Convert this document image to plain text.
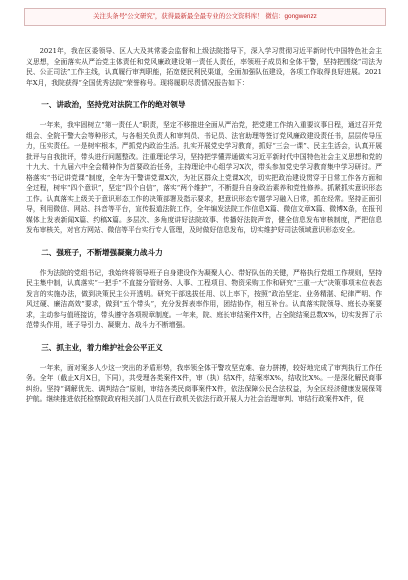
关注头条号“公文研究”，获得最新最全最专业的公文资料库！ 微信：gongwenzz

2021年，我在区委领导、区人大及其常委会监督和上级法院指导下，深入学习贯彻习近平新时代中国特色社会主义思想，全面落实从严治党主体责任和党风廉政建设第一责任人责任，率领班子成员和全体干警，坚持把围绕“司法为民、公正司法”工作主线，认真履行审判职能，拓宽便民利民渠道，全面加强队伍建设，各项工作取得良好进展。2021年X月，我院获得“全国优秀法院”荣誉称号。现将履职尽责情况报告如下：

一、讲政治，坚持党对法院工作的绝对领导

一年来，我牢固树立“第一责任人”职责，坚定不移推进全面从严治党，把党建工作纳入重要议事日程，通过召开党组会、全院干警大会等种形式，与各相关负责人和审判员、书记员、法官助理等签订党风廉政建设责任书，层层传导压力，压实责任。一是树牢根本，严抓党内政治生活。扎实开展党史学习教育，抓好“三会一课”、民主生活会，认真开展批评与自我批评，带头进行问题整改。注重理论学习，坚持把学懂弄通做实习近平新时代中国特色社会主义思想和党的十九大、十九届六中全会精神作为首要政治任务，主持理论中心组学习X次，带头参加党史学习教育集中学习研讨。严格落实“书记讲党课”制度，全年为干警讲党课X次，为社区群众上党课X次，切实把政治建设贯穿于日常工作各方面和全过程，树牢“四个意识”，坚定“四个自信”，落实“两个维护”，不断提升自身政治素养和党性修养。抓紧抓实意识形态工作。认真落实上级关于意识形态工作的决策部署及指示要求，把意识形态专题学习融入日常，抓在经常。坚持正面引导，利用微信、网站、抖音等平台，宣传报道法院工作，全年编发法院工作信息X篇、微信文章X篇、微博X条，在报刊媒体上发表新闻X篇、约稿X篇。多层次、多角度讲好法院故事、传播好法院声音，健全信息发布审核制度，严把信息发布审核关，对官方网站、微信等平台实行专人管理，及时做好信息发布，切实维护好司法领域意识形态安全。

二、强班子，不断增强凝聚力战斗力

作为法院的党组书记，我始终将领导班子自身建设作为凝聚人心、带好队伍的关键，严格执行党组工作规则，坚持民主集中制，认真落实“一把手”不直接分管财务、人事、工程项目、物资采购工作和研究“三重一大”决策事项末位表态发言的实施办法，做到决策民主公开透明。研究干部选拔任用、以上率下，按照“政治坚定、业务精湛、纪律严明、作风过硬、廉洁高效”要求，做到“五个带头”，充分发挥表率作用，团结协作，相互补台。认真落实院领导、庭长办案要求，主动参与值班接访，带头遵守各项规章制度。一年来，院、庭长审结案件X件，占全院结案总数X%，切实发挥了示范带头作用，班子导引力、凝聚力、战斗力不断增强。

三、抓主业，着力维护社会公平正义

一年来，面对案多人少这一突出的矛盾形势，我率领全体干警攻坚克难、奋力拼搏，较好地完成了审判执行工作任务。全年（截止X月X日，下同），共受理各类案件X件，审（执）结X件，结案率X%，结收比X%。一是深化解民商事纠纷。坚持“调解优先、调判结合”原则，审结各类民商事案件X件，依法保障公民合法权益，为全区经济健康发展保驾护航。继续推进依托检察院政府相关部门人员在行政机关依法行政开展人力社会治理审判、审结行政案件X件，促
